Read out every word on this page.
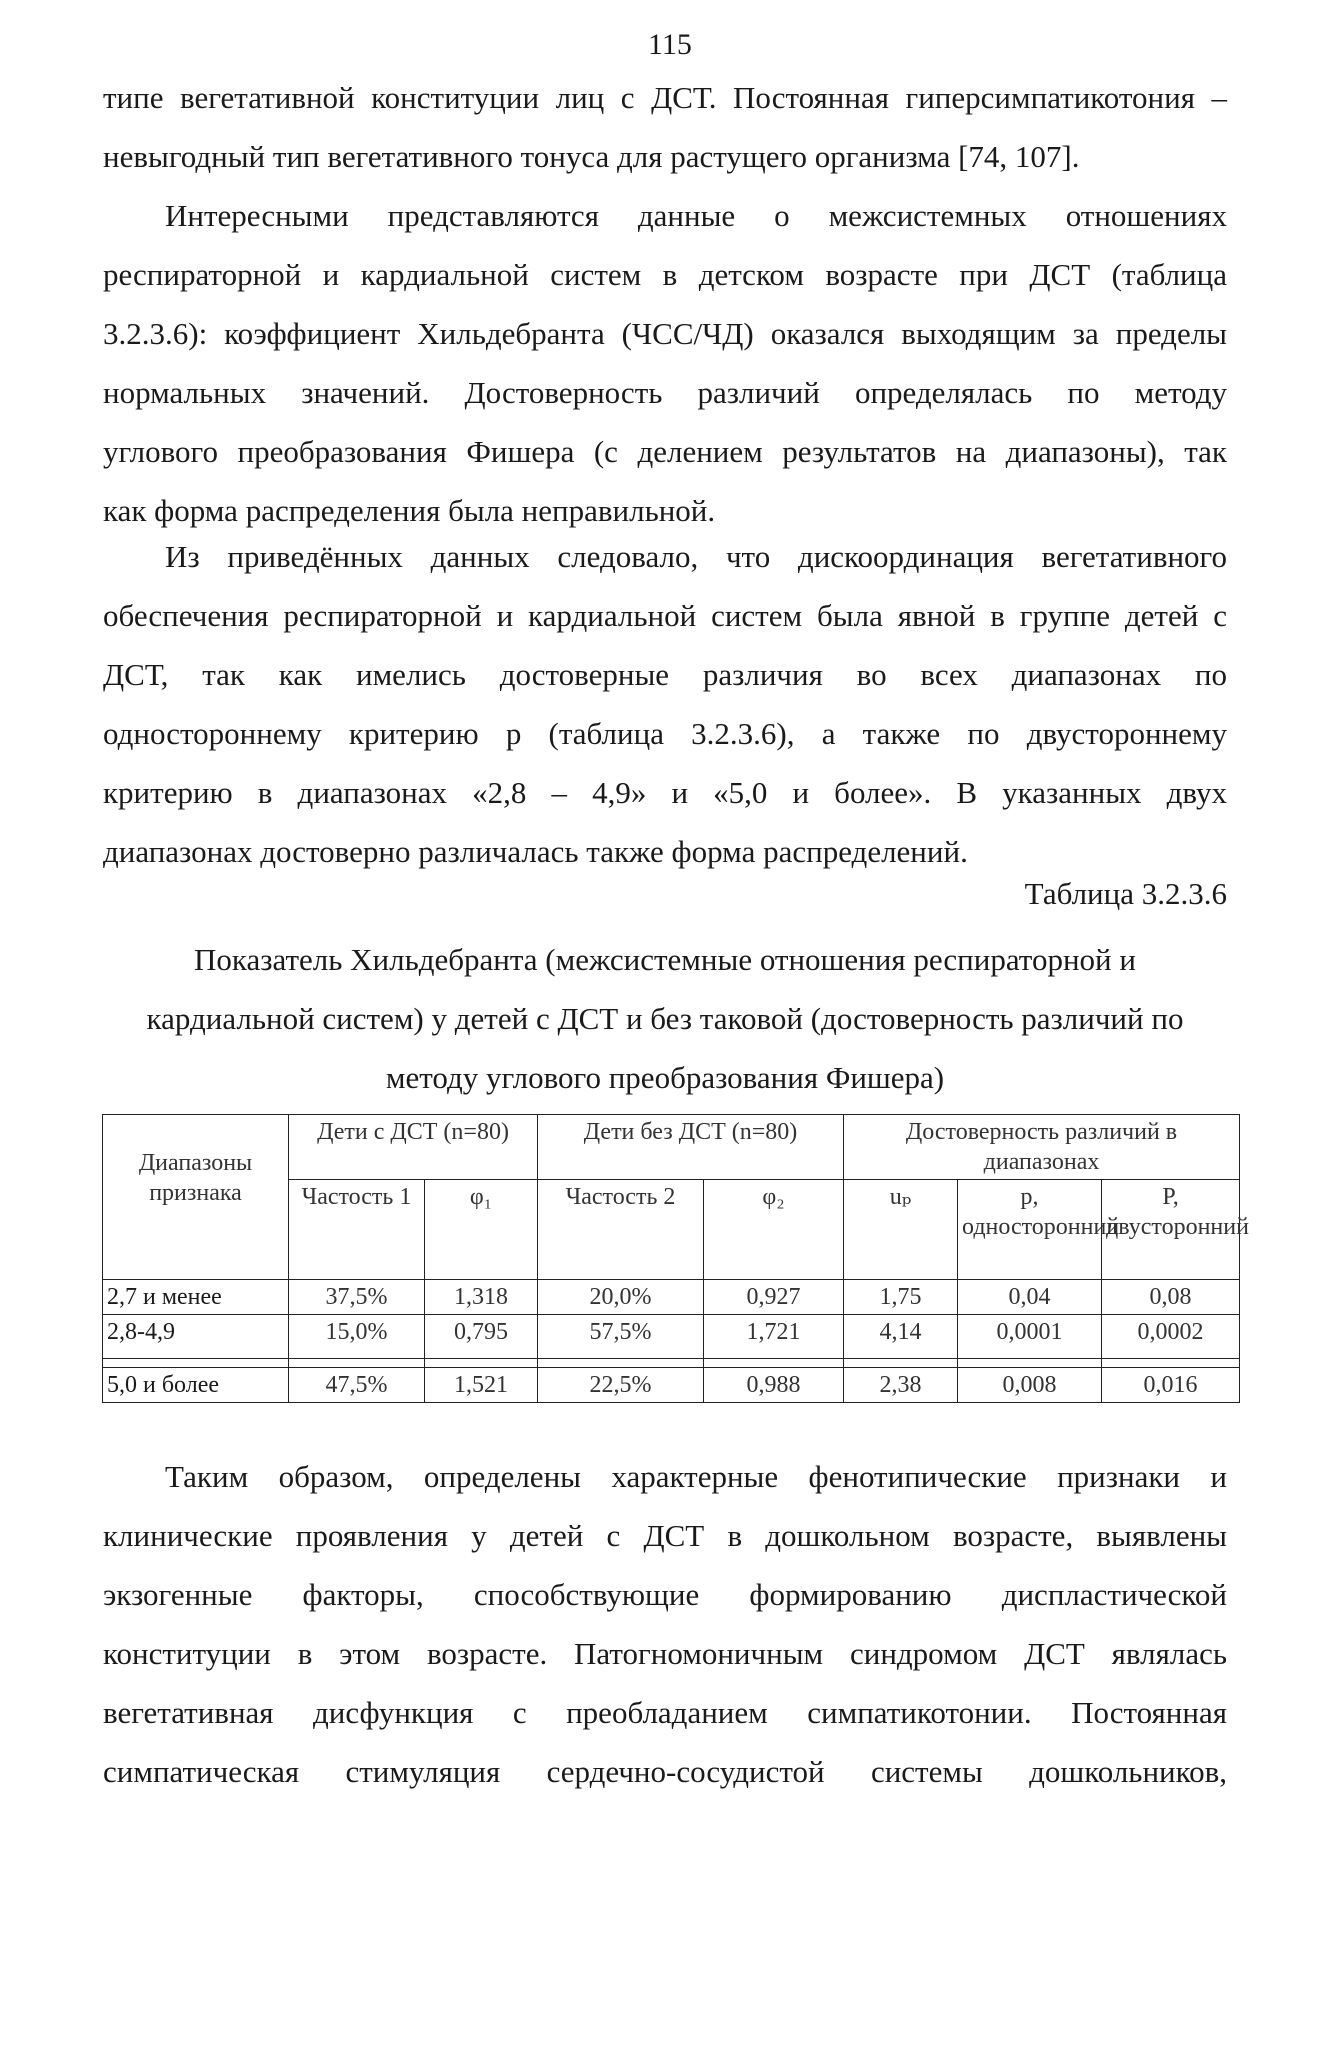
115
типе вегетативной конституции лиц с ДСТ. Постоянная гиперсимпатикотония –
невыгодный тип вегетативного тонуса для растущего организма [74, 107].
Интересными представляются данные о межсистемных отношениях
респираторной и кардиальной систем в детском возрасте при ДСТ (таблица
3.2.3.6): коэффициент Хильдебранта (ЧСС/ЧД) оказался выходящим за пределы
нормальных значений. Достоверность различий определялась по методу
углового преобразования Фишера (с делением результатов на диапазоны), так
как форма распределения была неправильной.
Из приведённых данных следовало, что дискоординация вегетативного
обеспечения респираторной и кардиальной систем была явной в группе детей с
ДСТ, так как имелись достоверные различия во всех диапазонах по
одностороннему критерию р (таблица 3.2.3.6), а также по двустороннему
критерию в диапазонах «2,8 – 4,9» и «5,0 и более». В указанных двух
диапазонах достоверно различалась также форма распределений.
Таблица 3.2.3.6
Показатель Хильдебранта (межсистемные отношения респираторной и
кардиальной систем) у детей с ДСТ и без таковой (достоверность различий по
методу углового преобразования Фишера)
Диапазоны признака	Дети с ДСТ (n=80)		Дети без ДСТ (n=80)		Достоверность различий в диапазонах		
	Частость 1	φ₁	Частость 2	φ₂	uₚ	р, односторонний	Р, двусторонний
2,7 и менее	37,5%	1,318	20,0%	0,927	1,75	0,04	0,08
2,8-4,9	15,0%	0,795	57,5%	1,721	4,14	0,0001	0,0002

5,0 и более	47,5%	1,521	22,5%	0,988	2,38	0,008	0,016
Таким образом, определены характерные фенотипические признаки и
клинические проявления у детей с ДСТ в дошкольном возрасте, выявлены
экзогенные факторы, способствующие формированию диспластической
конституции в этом возрасте. Патогномоничным синдромом ДСТ являлась
вегетативная дисфункция с преобладанием симпатикотонии. Постоянная
симпатическая стимуляция сердечно-сосудистой системы дошкольников,
